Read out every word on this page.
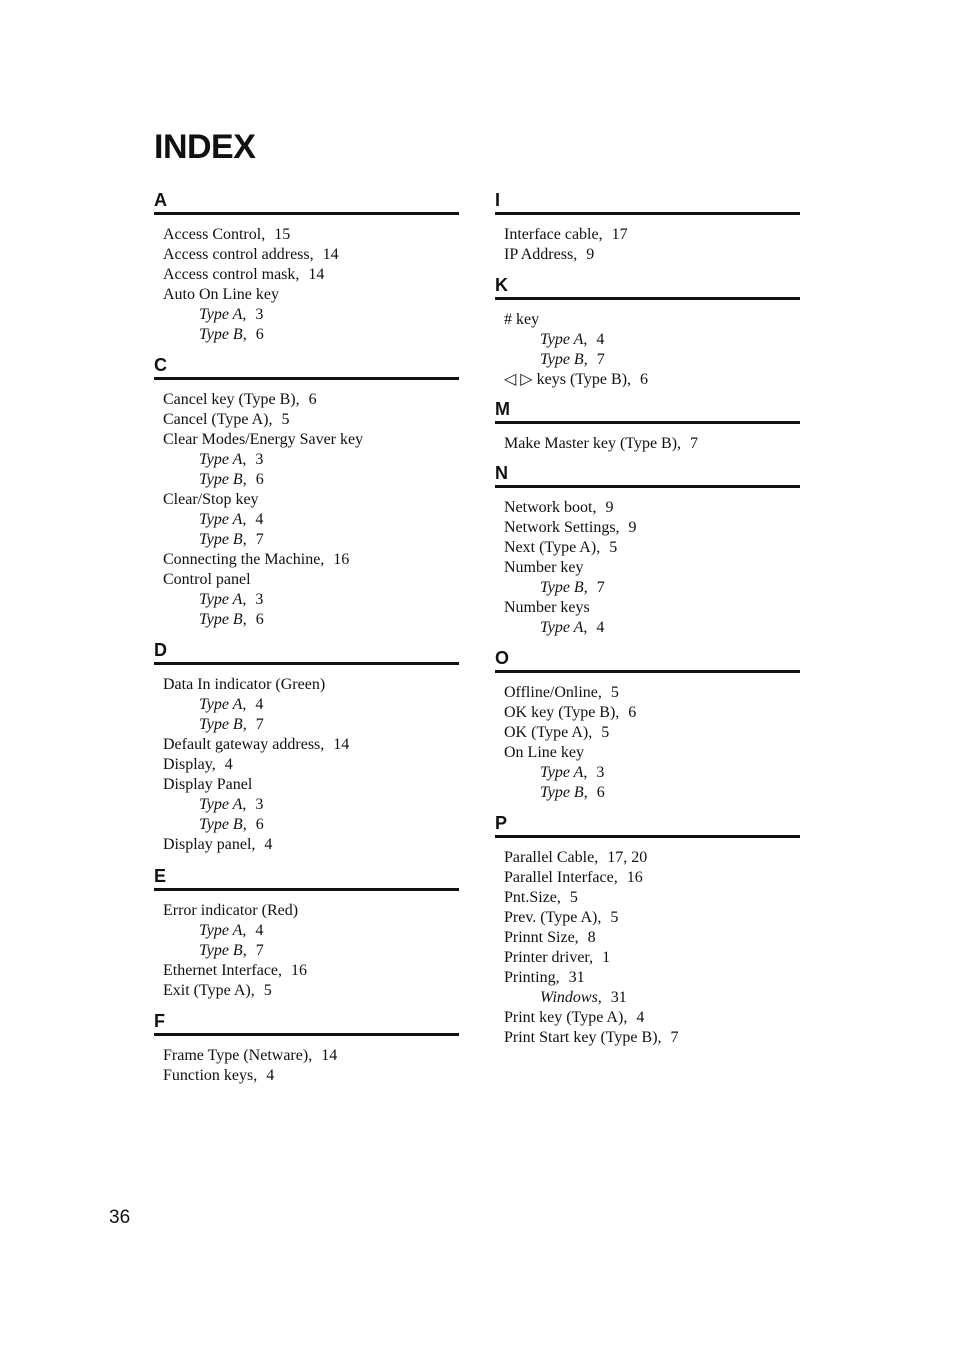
INDEX
A
Access Control, 15
Access control address, 14
Access control mask, 14
Auto On Line key
Type A, 3
Type B, 6
C
Cancel key (Type B), 6
Cancel (Type A), 5
Clear Modes/Energy Saver key
Type A, 3
Type B, 6
Clear/Stop key
Type A, 4
Type B, 7
Connecting the Machine, 16
Control panel
Type A, 3
Type B, 6
D
Data In indicator (Green)
Type A, 4
Type B, 7
Default gateway address, 14
Display, 4
Display Panel
Type A, 3
Type B, 6
Display panel, 4
E
Error indicator (Red)
Type A, 4
Type B, 7
Ethernet Interface, 16
Exit (Type A), 5
F
Frame Type (Netware), 14
Function keys, 4
I
Interface cable, 17
IP Address, 9
K
# key
Type A, 4
Type B, 7
◁ ▷ keys (Type B), 6
M
Make Master key (Type B), 7
N
Network boot, 9
Network Settings, 9
Next (Type A), 5
Number key
Type B, 7
Number keys
Type A, 4
O
Offline/Online, 5
OK key (Type B), 6
OK (Type A), 5
On Line key
Type A, 3
Type B, 6
P
Parallel Cable, 17, 20
Parallel Interface, 16
Pnt.Size, 5
Prev. (Type A), 5
Prinnt Size, 8
Printer driver, 1
Printing, 31
Windows, 31
Print key (Type A), 4
Print Start key (Type B), 7
36
